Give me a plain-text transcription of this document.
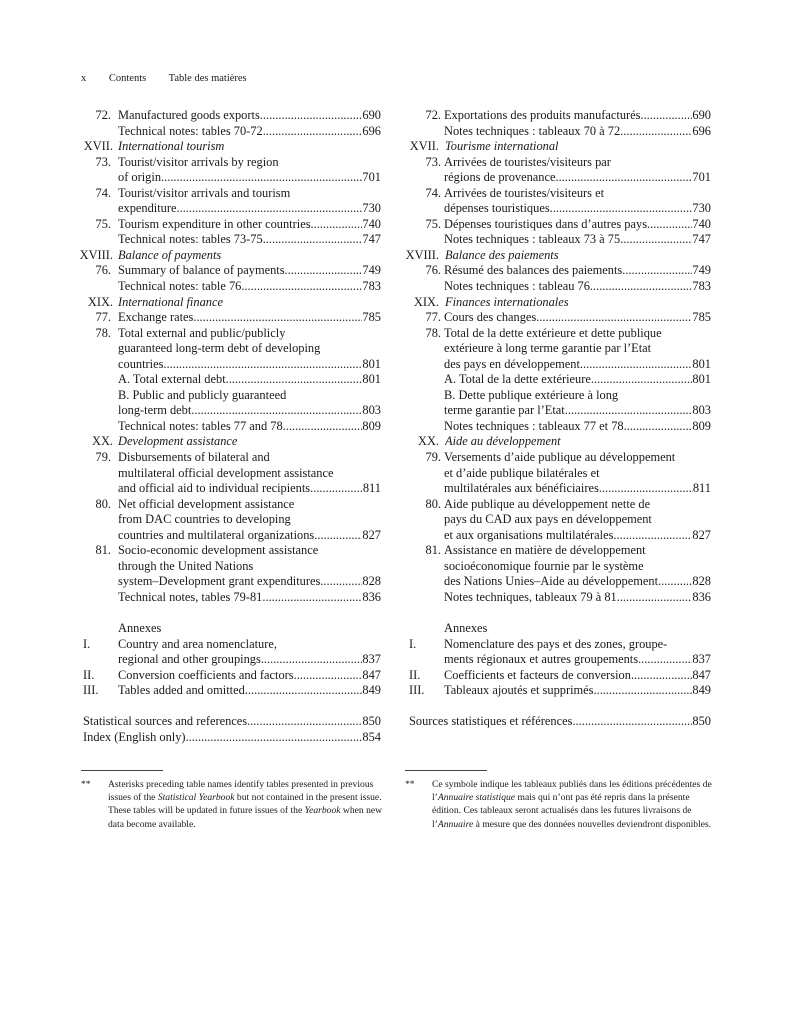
x Contents Table des matières
72. Manufactured goods exports .....	690
Technical notes: tables 70-72 .....	696
XVII. International tourism
73. Tourist/visitor arrivals by region
of origin .....	701
74. Tourist/visitor arrivals and tourism
expenditure .....	730
75. Tourism expenditure in other countries .....	740
Technical notes: tables 73-75 .....	747
XVIII. Balance of payments
76. Summary of balance of payments .....	749
Technical notes: table 76 .....	783
XIX. International finance
77. Exchange rates .....	785
78. Total external and public/publicly
guaranteed long-term debt of developing
countries .....	801
A. Total external debt .....	801
B. Public and publicly guaranteed
long-term debt .....	803
Technical notes: tables 77 and 78 .....	809
XX. Development assistance
79. Disbursements of bilateral and
multilateral official development assistance
and official aid to individual recipients .....	811
80. Net official development assistance
from DAC countries to developing
countries and multilateral organizations .....	827
81. Socio-economic development assistance
through the United Nations
system–Development grant expenditures .....	828
Technical notes, tables 79-81 .....	836
Annexes
I. Country and area nomenclature,
regional and other groupings .....	837
II. Conversion coefficients and factors .....	847
III. Tables added and omitted .....	849
Statistical sources and references .....	850
Index (English only) .....	854
72. Exportations des produits manufacturés .....	690
Notes techniques : tableaux 70 à 72 .....	696
XVII. Tourisme international
73. Arrivées de touristes/visiteurs par
régions de provenance .....	701
74. Arrivées de touristes/visiteurs et
dépenses touristiques .....	730
75. Dépenses touristiques dans d’autres pays .....	740
Notes techniques : tableaux 73 à 75 .....	747
XVIII. Balance des paiements
76. Résumé des balances des paiements .....	749
Notes techniques : tableau 76 .....	783
XIX. Finances internationales
77. Cours des changes .....	785
78. Total de la dette extérieure et dette publique
extérieure à long terme garantie par l’Etat
des pays en développement .....	801
A. Total de la dette extérieure .....	801
B. Dette publique extérieure à long
terme garantie par l’Etat .....	803
Notes techniques : tableaux 77 et 78 .....	809
XX. Aide au développement
79. Versements d’aide publique au développement
et d’aide publique bilatérales et
multilatérales aux bénéficiaires .....	811
80. Aide publique au développement nette de
pays du CAD aux pays en développement
et aux organisations multilatérales .....	827
81. Assistance en matière de développement
socioéconomique fournie par le système
des Nations Unies–Aide au développement .....	828
Notes techniques, tableaux 79 à 81 .....	836
Annexes
I. Nomenclature des pays et des zones, groupe-
ments régionaux et autres groupements .....	837
II. Coefficients et facteurs de conversion .....	847
III. Tableaux ajoutés et supprimés .....	849
Sources statistiques et références .....	850
** Asterisks preceding table names identify tables presented in previous issues of the Statistical Yearbook but not contained in the present issue. These tables will be updated in future issues of the Yearbook when new data become available.
** Ce symbole indique les tableaux publiés dans les éditions précédentes de l’Annuaire statistique mais qui n’ont pas été repris dans la présente édition. Ces tableaux seront actualisés dans les futures livraisons de l’Annuaire à mesure que des données nouvelles deviendront disponibles.
